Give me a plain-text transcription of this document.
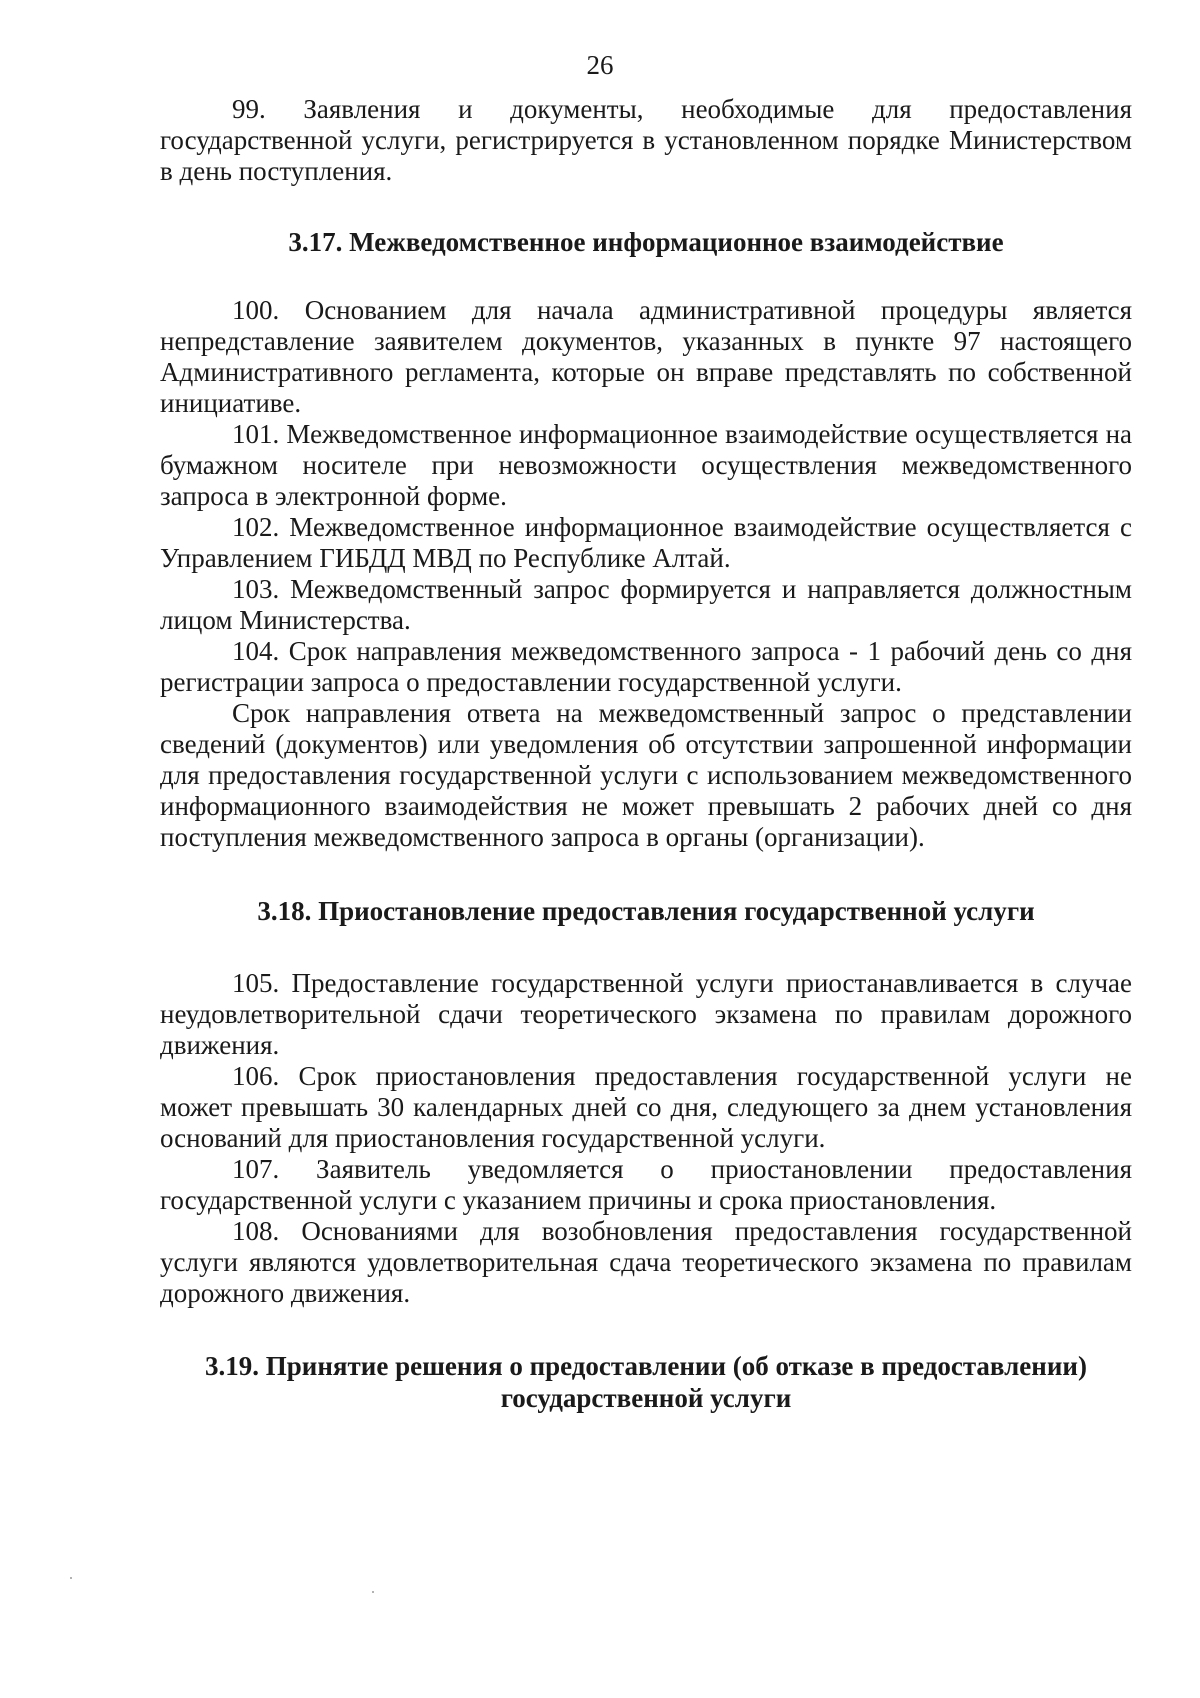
26

99. Заявления и документы, необходимые для предоставления государственной услуги, регистрируется в установленном порядке Министерством в день поступления.

3.17. Межведомственное информационное взаимодействие

100. Основанием для начала административной процедуры является непредставление заявителем документов, указанных в пункте 97 настоящего Административного регламента, которые он вправе представлять по собственной инициативе.

101. Межведомственное информационное взаимодействие осуществляется на бумажном носителе при невозможности осуществления межведомственного запроса в электронной форме.

102. Межведомственное информационное взаимодействие осуществляется с Управлением ГИБДД МВД по Республике Алтай.

103. Межведомственный запрос формируется и направляется должностным лицом Министерства.

104. Срок направления межведомственного запроса - 1 рабочий день со дня регистрации запроса о предоставлении государственной услуги.

Срок направления ответа на межведомственный запрос о представлении сведений (документов) или уведомления об отсутствии запрошенной информации для предоставления государственной услуги с использованием межведомственного информационного взаимодействия не может превышать 2 рабочих дней со дня поступления межведомственного запроса в органы (организации).

3.18. Приостановление предоставления государственной услуги

105. Предоставление государственной услуги приостанавливается в случае неудовлетворительной сдачи теоретического экзамена по правилам дорожного движения.

106. Срок приостановления предоставления государственной услуги не может превышать 30 календарных дней со дня, следующего за днем установления оснований для приостановления государственной услуги.

107. Заявитель уведомляется о приостановлении предоставления государственной услуги с указанием причины и срока приостановления.

108. Основаниями для возобновления предоставления государственной услуги являются удовлетворительная сдача теоретического экзамена по правилам дорожного движения.

3.19. Принятие решения о предоставлении (об отказе в предоставлении)

государственной услуги
